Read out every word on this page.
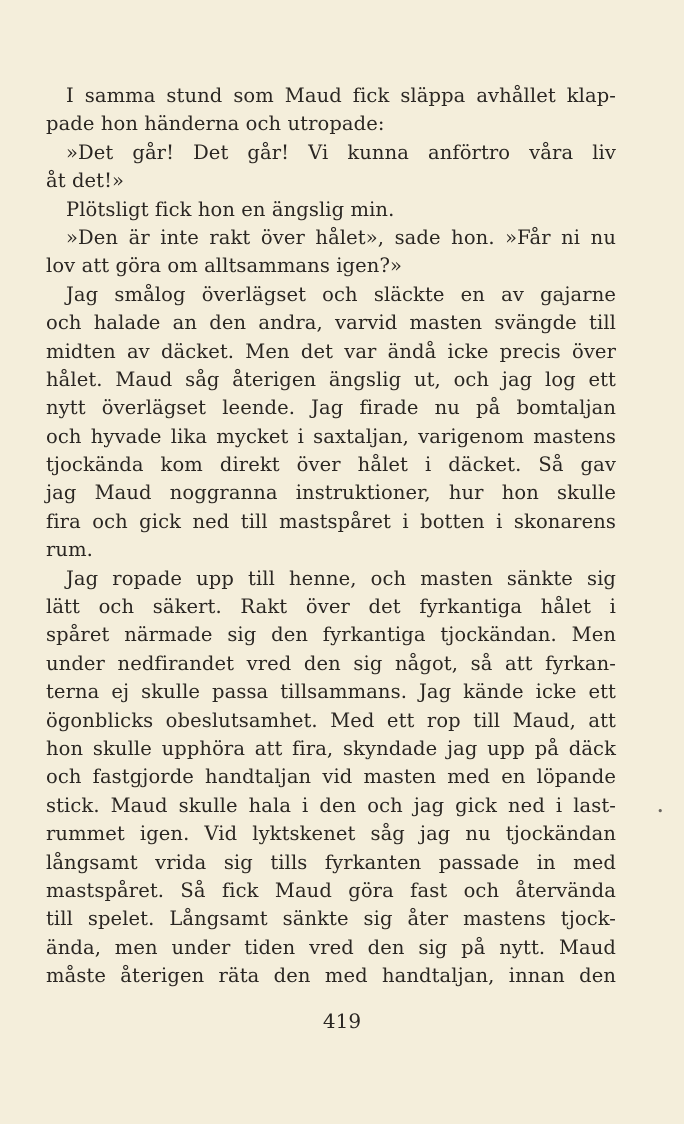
I samma stund som Maud fick släppa avhållet klap-
pade hon händerna och utropade:
»Det går! Det går! Vi kunna anförtro våra liv
åt det!»
Plötsligt fick hon en ängslig min.
»Den är inte rakt över hålet», sade hon. »Får ni nu
lov att göra om alltsammans igen?»
Jag smålog överlägset och släckte en av gajarne
och halade an den andra, varvid masten svängde till
midten av däcket. Men det var ändå icke precis över
hålet. Maud såg återigen ängslig ut, och jag log ett
nytt överlägset leende. Jag firade nu på bomtaljan
och hyvade lika mycket i saxtaljan, varigenom mastens
tjockända kom direkt över hålet i däcket. Så gav
jag Maud noggranna instruktioner, hur hon skulle
fira och gick ned till mastspåret i botten i skonarens
rum.
Jag ropade upp till henne, och masten sänkte sig
lätt och säkert. Rakt över det fyrkantiga hålet i
spåret närmade sig den fyrkantiga tjockändan. Men
under nedfirandet vred den sig något, så att fyrkan-
terna ej skulle passa tillsammans. Jag kände icke ett
ögonblicks obeslutsamhet. Med ett rop till Maud, att
hon skulle upphöra att fira, skyndade jag upp på däck
och fastgjorde handtaljan vid masten med en löpande
stick. Maud skulle hala i den och jag gick ned i last-
rummet igen. Vid lyktskenet såg jag nu tjockändan
långsamt vrida sig tills fyrkanten passade in med
mastspåret. Så fick Maud göra fast och återvända
till spelet. Långsamt sänkte sig åter mastens tjock-
ända, men under tiden vred den sig på nytt. Maud
måste återigen räta den med handtaljan, innan den
•
419
